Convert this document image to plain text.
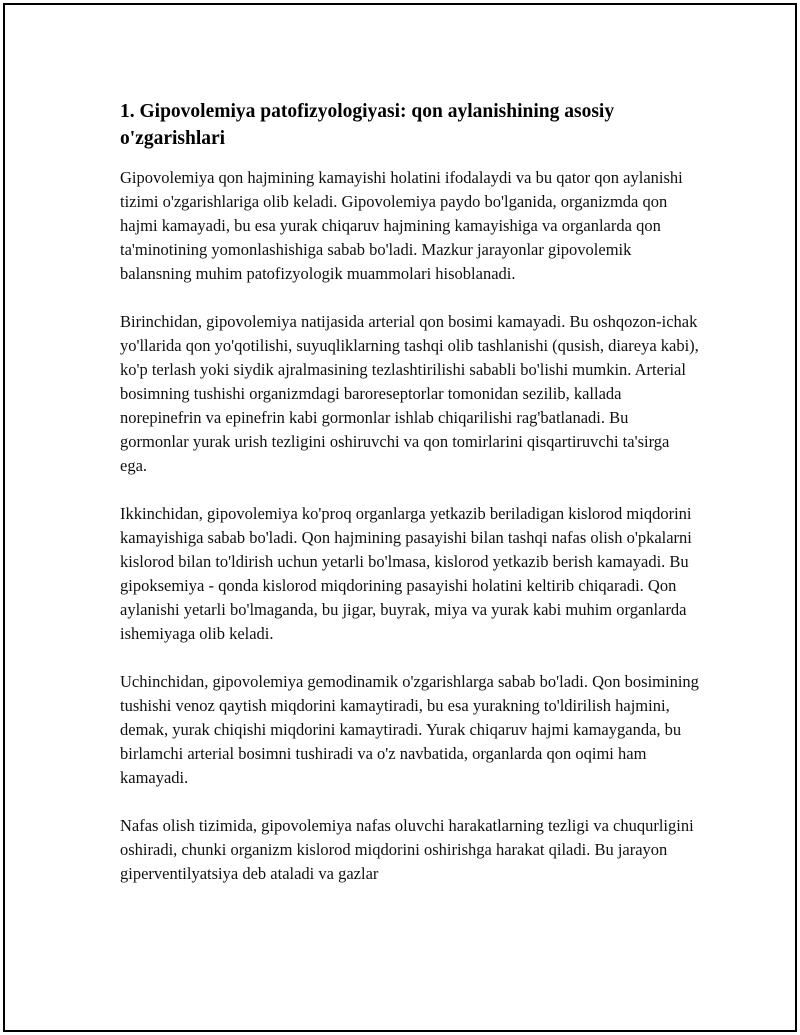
1. Gipovolemiya patofizyologiyasi: qon aylanishining asosiy o'zgarishlari

Gipovolemiya qon hajmining kamayishi holatini ifodalaydi va bu qator qon aylanishi tizimi o'zgarishlariga olib keladi. Gipovolemiya paydo bo'lganida, organizmda qon hajmi kamayadi, bu esa yurak chiqaruv hajmining kamayishiga va organlarda qon ta'minotining yomonlashishiga sabab bo'ladi. Mazkur jarayonlar gipovolemik balansning muhim patofizyologik muammolari hisoblanadi.

Birinchidan, gipovolemiya natijasida arterial qon bosimi kamayadi. Bu oshqozon-ichak yo'llarida qon yo'qotilishi, suyuqliklarning tashqi olib tashlanishi (qusish, diareya kabi), ko'p terlash yoki siydik ajralmasining tezlashtirilishi sababli bo'lishi mumkin. Arterial bosimning tushishi organizmdagi baroreseptorlar tomonidan sezilib, kallada norepinefrin va epinefrin kabi gormonlar ishlab chiqarilishi rag'batlanadi. Bu gormonlar yurak urish tezligini oshiruvchi va qon tomirlarini qisqartiruvchi ta'sirga ega.

Ikkinchidan, gipovolemiya ko'proq organlarga yetkazib beriladigan kislorod miqdorini kamayishiga sabab bo'ladi. Qon hajmining pasayishi bilan tashqi nafas olish o'pkalarni kislorod bilan to'ldirish uchun yetarli bo'lmasa, kislorod yetkazib berish kamayadi. Bu gipoksemiya - qonda kislorod miqdorining pasayishi holatini keltirib chiqaradi. Qon aylanishi yetarli bo'lmaganda, bu jigar, buyrak, miya va yurak kabi muhim organlarda ishemiyaga olib keladi.

Uchinchidan, gipovolemiya gemodinamik o'zgarishlarga sabab bo'ladi. Qon bosimining tushishi venoz qaytish miqdorini kamaytiradi, bu esa yurakning to'ldirilish hajmini, demak, yurak chiqishi miqdorini kamaytiradi. Yurak chiqaruv hajmi kamayganda, bu birlamchi arterial bosimni tushiradi va o'z navbatida, organlarda qon oqimi ham kamayadi.

Nafas olish tizimida, gipovolemiya nafas oluvchi harakatlarning tezligi va chuqurligini oshiradi, chunki organizm kislorod miqdorini oshirishga harakat qiladi. Bu jarayon giperventilyatsiya deb ataladi va gazlar
